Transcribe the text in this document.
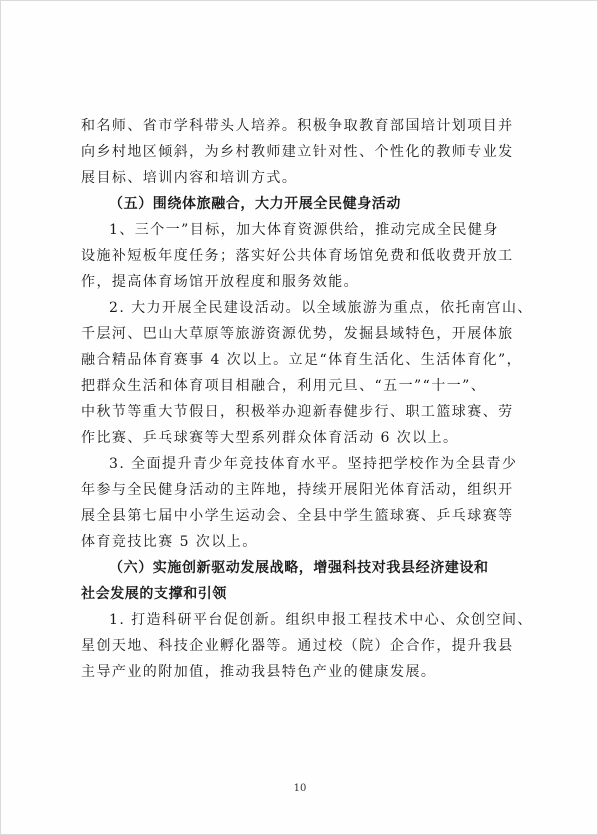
和名师、省市学科带头人培养。积极争取教育部国培计划项目并
向乡村地区倾斜，为乡村教师建立针对性、个性化的教师专业发
展目标、培训内容和培训方式。
（五）围绕体旅融合，大力开展全民健身活动
1、三个一”目标，加大体育资源供给，推动完成全民健身
设施补短板年度任务；落实好公共体育场馆免费和低收费开放工
作，提高体育场馆开放程度和服务效能。
2. 大力开展全民建设活动。以全域旅游为重点，依托南宫山、
千层河、巴山大草原等旅游资源优势，发掘县域特色，开展体旅
融合精品体育赛事 4 次以上。立足“体育生活化、生活体育化”，
把群众生活和体育项目相融合，利用元旦、“五一”“十一”、
中秋节等重大节假日，积极举办迎新春健步行、职工篮球赛、劳
作比赛、乒乓球赛等大型系列群众体育活动 6 次以上。
3. 全面提升青少年竞技体育水平。坚持把学校作为全县青少
年参与全民健身活动的主阵地，持续开展阳光体育活动，组织开
展全县第七届中小学生运动会、全县中学生篮球赛、乒乓球赛等
体育竞技比赛 5 次以上。
（六）实施创新驱动发展战略，增强科技对我县经济建设和
社会发展的支撑和引领
1. 打造科研平台促创新。组织申报工程技术中心、众创空间、
星创天地、科技企业孵化器等。通过校（院）企合作，提升我县
主导产业的附加值，推动我县特色产业的健康发展。
10
